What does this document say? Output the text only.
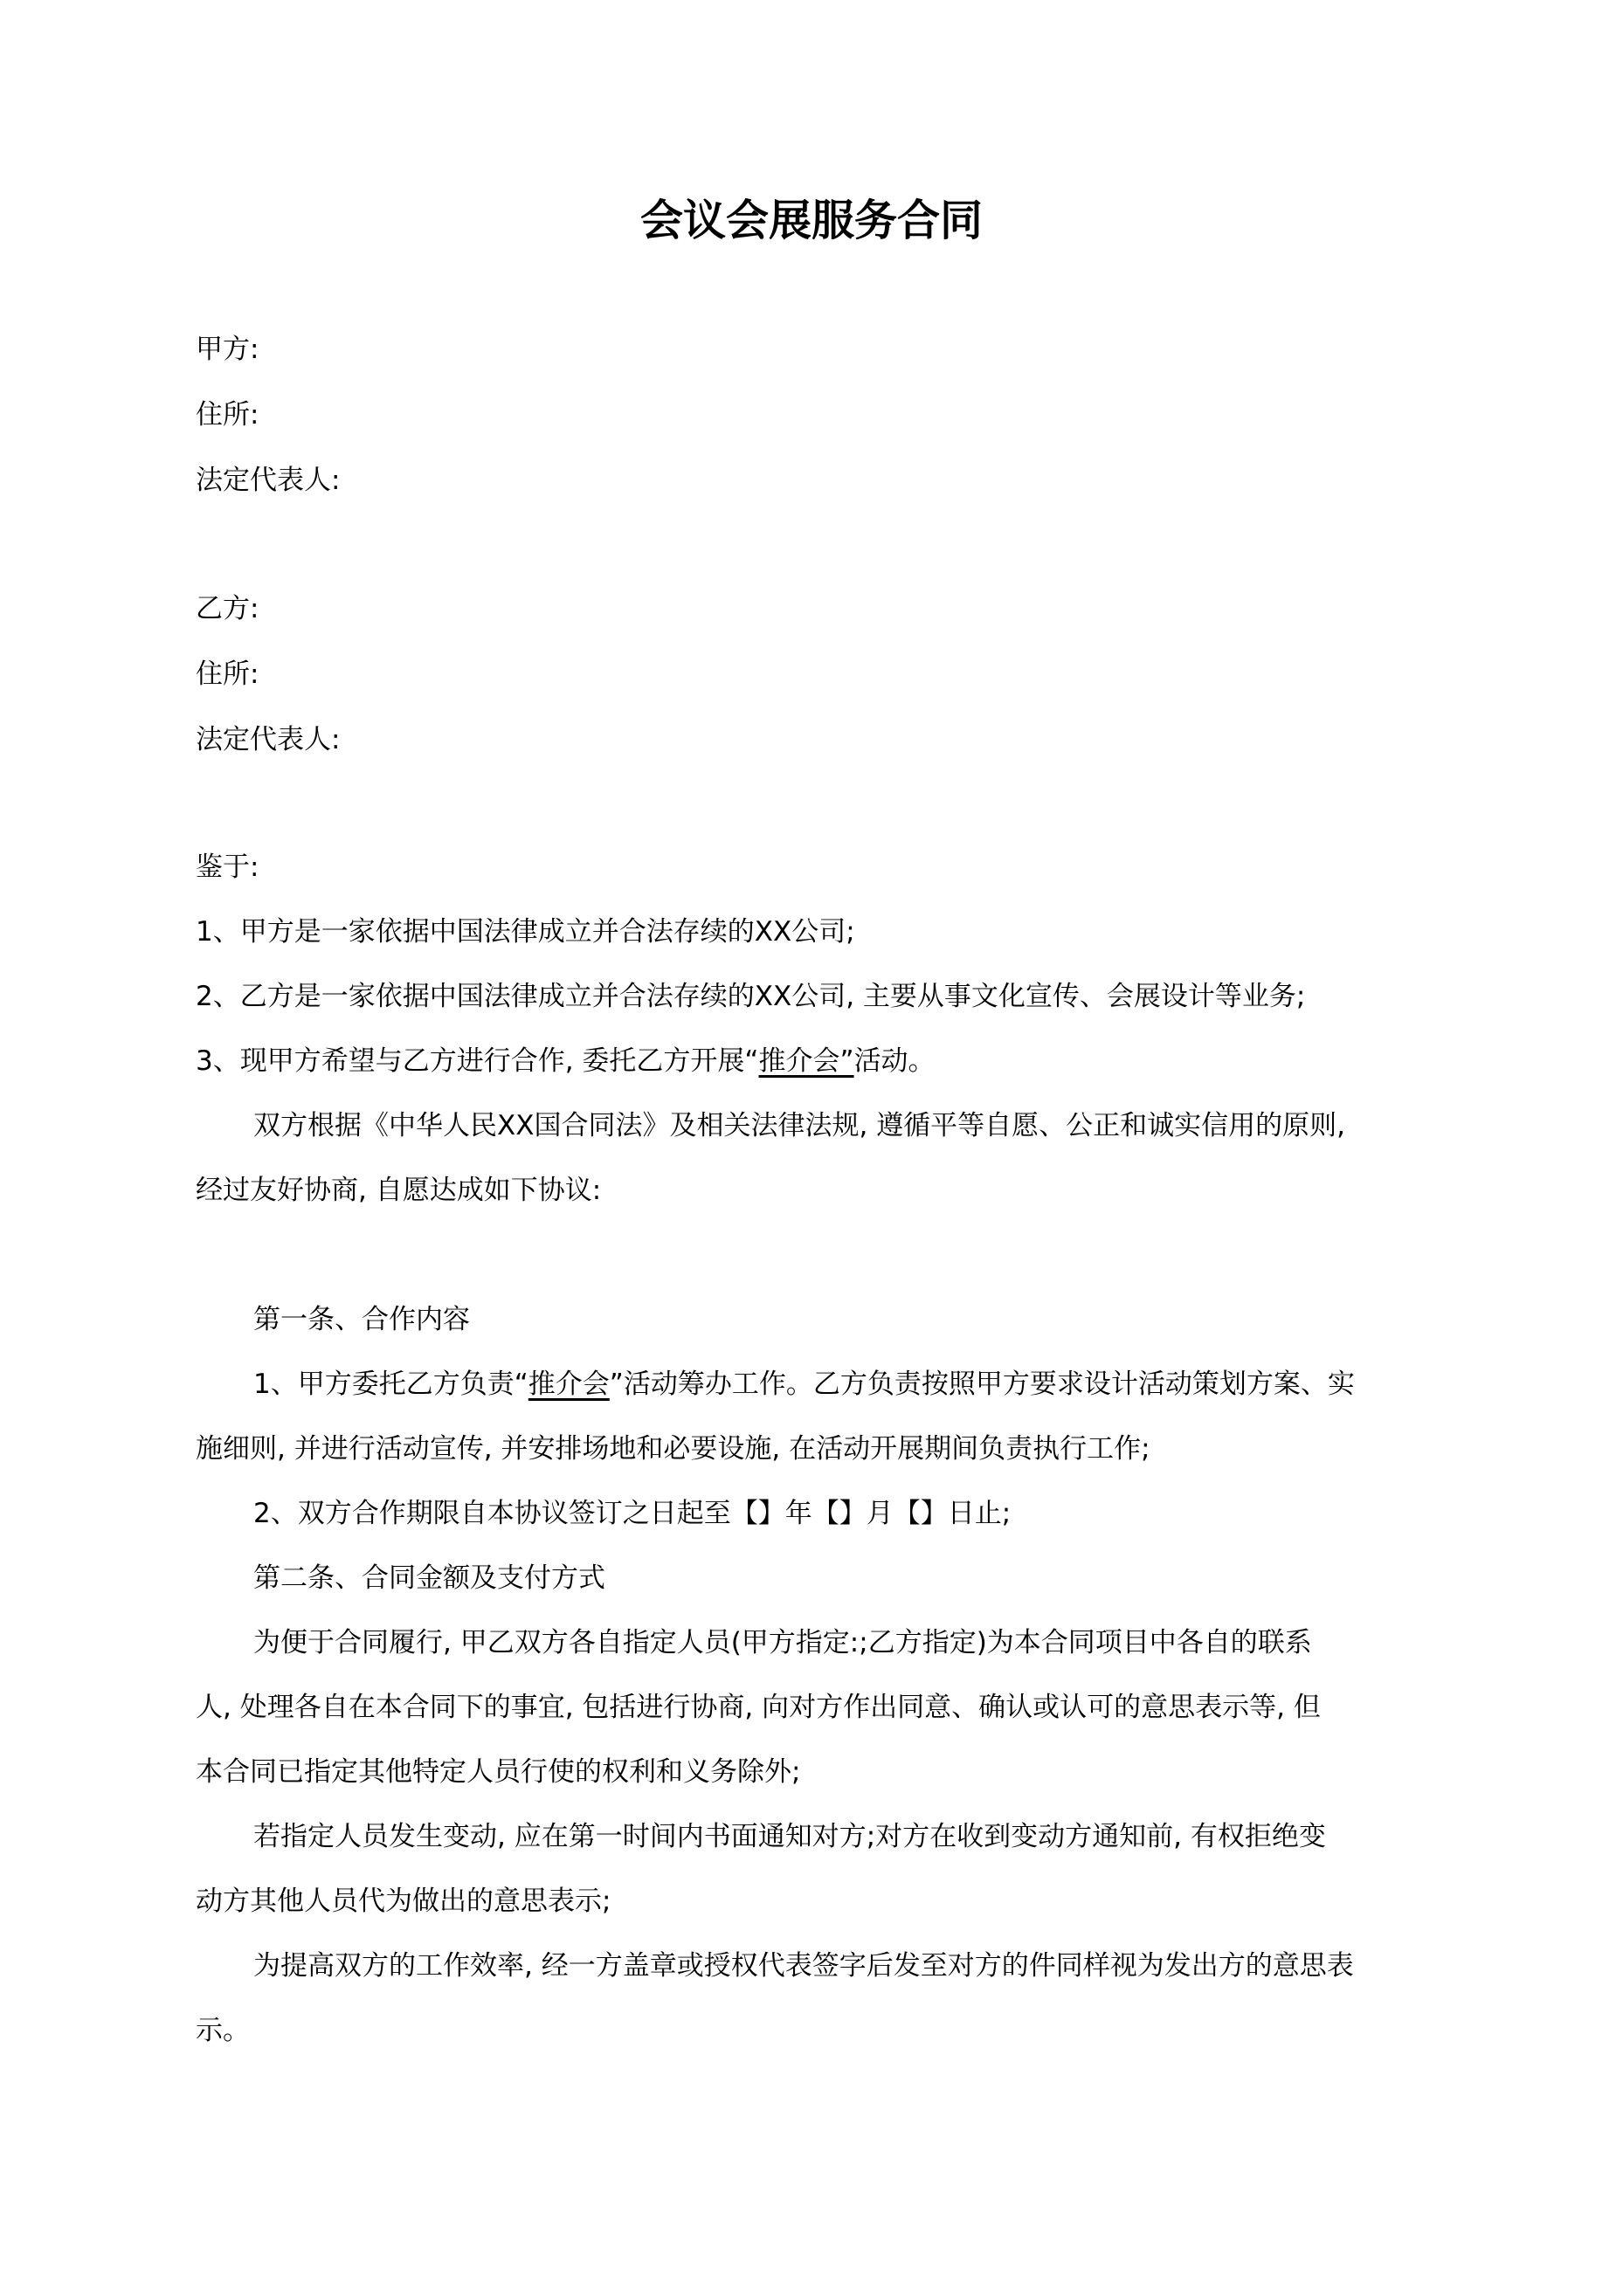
会议会展服务合同

甲方:

住所:

法定代表人:

乙方:

住所:

法定代表人:

鉴于:

1、甲方是一家依据中国法律成立并合法存续的XX公司;

2、乙方是一家依据中国法律成立并合法存续的XX公司, 主要从事文化宣传、会展设计等业务;

3、现甲方希望与乙方进行合作, 委托乙方开展“推介会”活动。

双方根据《中华人民XX国合同法》及相关法律法规, 遵循平等自愿、公正和诚实信用的原则,

经过友好协商, 自愿达成如下协议:

第一条、合作内容

1、甲方委托乙方负责“推介会”活动筹办工作。乙方负责按照甲方要求设计活动策划方案、实

施细则, 并进行活动宣传, 并安排场地和必要设施, 在活动开展期间负责执行工作;

2、双方合作期限自本协议签订之日起至【】年【】月【】日止;

第二条、合同金额及支付方式

为便于合同履行, 甲乙双方各自指定人员(甲方指定:;乙方指定)为本合同项目中各自的联系

人, 处理各自在本合同下的事宜, 包括进行协商, 向对方作出同意、确认或认可的意思表示等, 但

本合同已指定其他特定人员行使的权利和义务除外;

若指定人员发生变动, 应在第一时间内书面通知对方;对方在收到变动方通知前, 有权拒绝变

动方其他人员代为做出的意思表示;

为提高双方的工作效率, 经一方盖章或授权代表签字后发至对方的件同样视为发出方的意思表

示。
